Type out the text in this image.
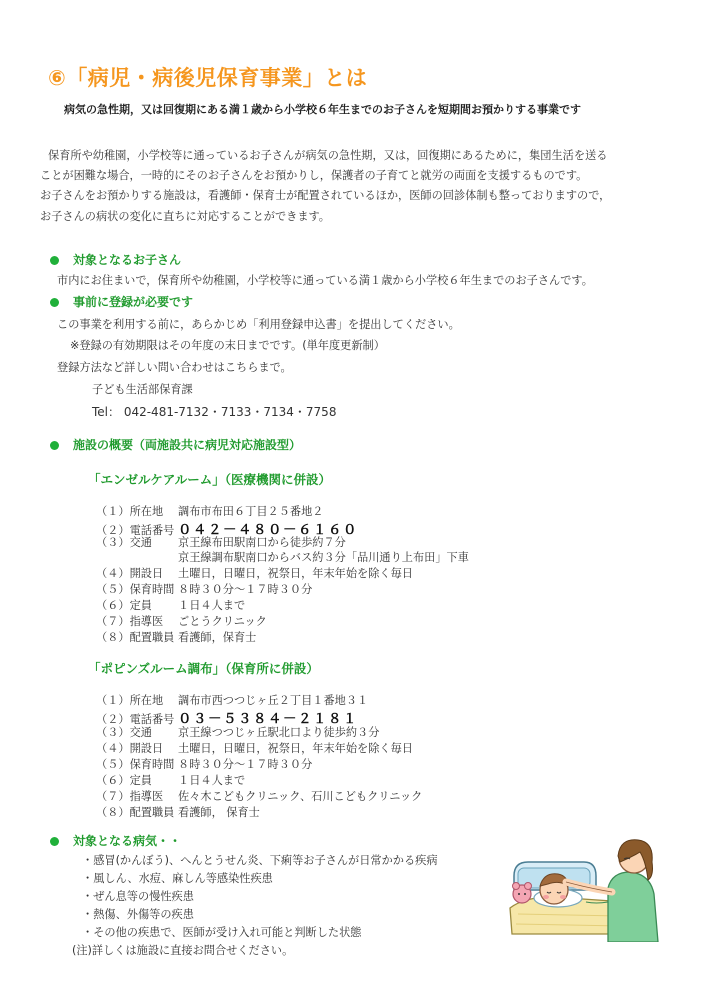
⑥「病児・病後児保育事業」とは
病気の急性期，又は回復期にある満１歳から小学校６年生までのお子さんを短期間お預かりする事業です
保育所や幼稚園，小学校等に通っているお子さんが病気の急性期，又は，回復期にあるために，集団生活を送る
ことが困難な場合，一時的にそのお子さんをお預かりし，保護者の子育てと就労の両面を支援するものです。
お子さんをお預かりする施設は，看護師・保育士が配置されているほか，医師の回診体制も整っておりますので，
お子さんの病状の変化に直ちに対応することができます。
対象となるお子さん
市内にお住まいで，保育所や幼稚園，小学校等に通っている満１歳から小学校６年生までのお子さんです。
事前に登録が必要です
この事業を利用する前に，あらかじめ「利用登録申込書」を提出してください。
※登録の有効期限はその年度の末日までです。(単年度更新制）
登録方法など詳しい問い合わせはこちらまで。
子ども生活部保育課
Tel： 042-481-7132・7133・7134・7758
施設の概要（両施設共に病児対応施設型）
「エンゼルケアルーム」（医療機関に併設）
（１）所在地 調布市布田６丁目２５番地２
（２）電話番号 ０４２－４８０－６１６０
（３）交通 京王線布田駅南口から徒歩約７分
京王線調布駅南口からバス約３分「品川通り上布田」下車
（４）開設日 土曜日，日曜日，祝祭日，年末年始を除く毎日
（５）保育時間 ８時３０分～１７時３０分
（６）定員 １日４人まで
（７）指導医 ごとうクリニック
（８）配置職員 看護師，保育士
「ポピンズルーム調布」（保育所に併設）
（１）所在地 調布市西つつじヶ丘２丁目１番地３１
（２）電話番号 ０３－５３８４－２１８１
（３）交通 京王線つつじヶ丘駅北口より徒歩約３分
（４）開設日 土曜日，日曜日，祝祭日，年末年始を除く毎日
（５）保育時間 ８時３０分～１７時３０分
（６）定員 １日４人まで
（７）指導医 佐々木こどもクリニック、石川こどもクリニック
（８）配置職員 看護師， 保育士
対象となる病気・・
・感冒(かんぼう)、へんとうせん炎、下痢等お子さんが日常かかる疾病
・風しん、水痘、麻しん等感染性疾患
・ぜん息等の慢性疾患
・熱傷、外傷等の疾患
・その他の疾患で、医師が受け入れ可能と判断した状態
(注)詳しくは施設に直接お問合せください。
